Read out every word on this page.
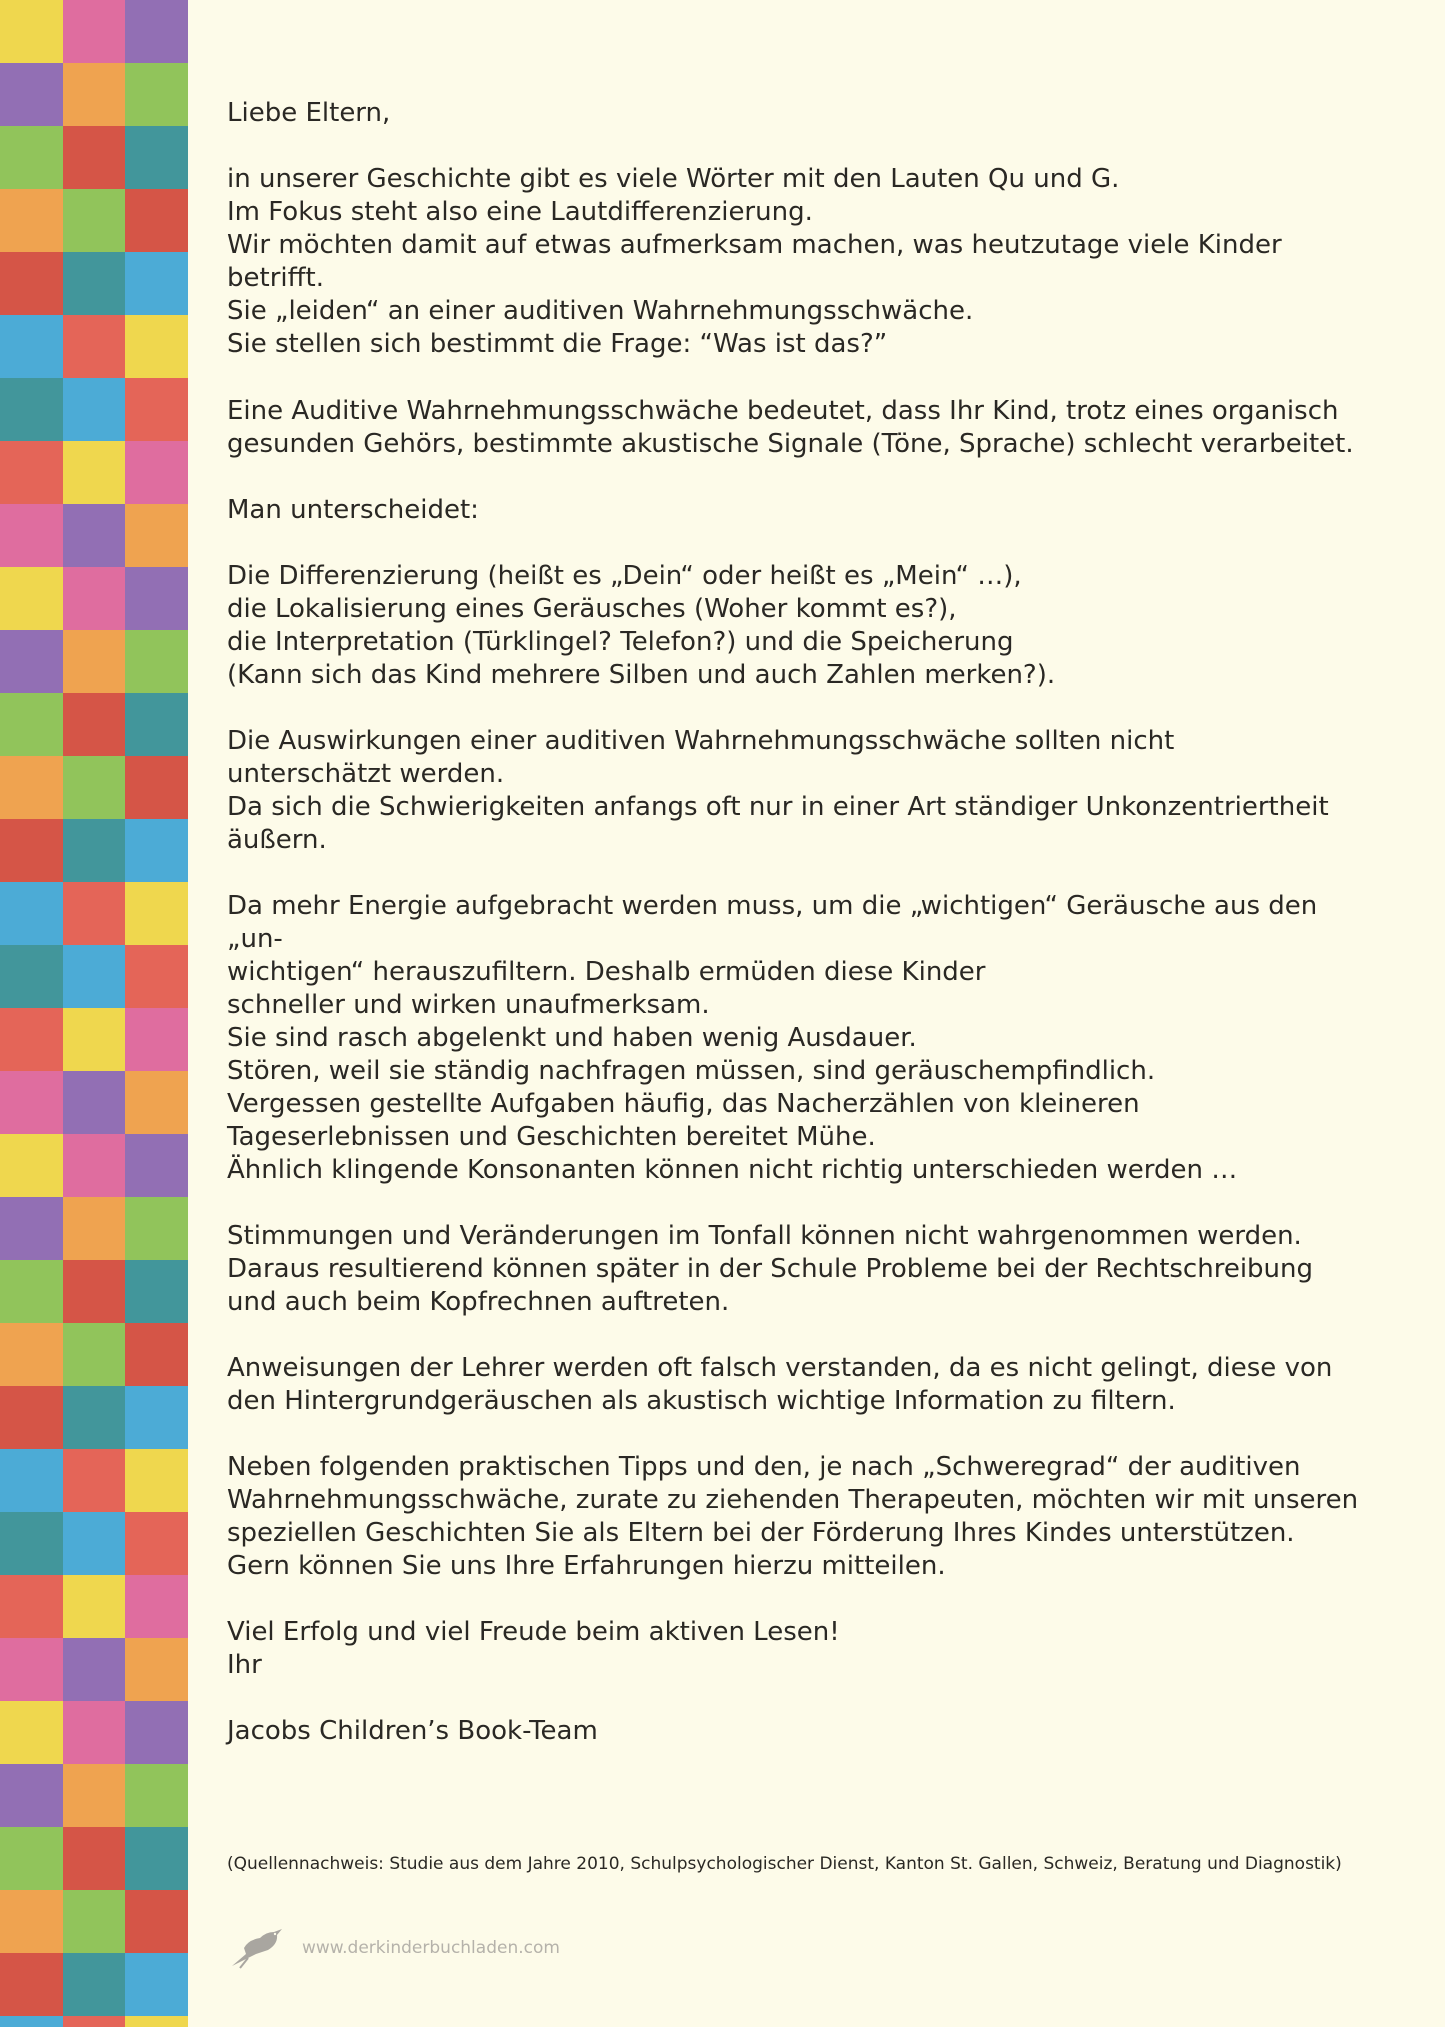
Liebe Eltern,

in unserer Geschichte gibt es viele Wörter mit den Lauten Qu und G.
Im Fokus steht also eine Lautdifferenzierung.
Wir möchten damit auf etwas aufmerksam machen, was heutzutage viele Kinder betrifft.

Sie „leiden“ an einer auditiven Wahrnehmungsschwäche.
Sie stellen sich bestimmt die Frage: “Was ist das?”

Eine Auditive Wahrnehmungsschwäche bedeutet, dass Ihr Kind, trotz eines organisch
gesunden Gehörs, bestimmte akustische Signale (Töne, Sprache) schlecht verarbeitet.

Man unterscheidet:

Die Differenzierung (heißt es „Dein“ oder heißt es „Mein“ …),
die Lokalisierung eines Geräusches (Woher kommt es?),
die Interpretation (Türklingel? Telefon?) und die Speicherung
(Kann sich das Kind mehrere Silben und auch Zahlen merken?).

Die Auswirkungen einer auditiven Wahrnehmungsschwäche sollten nicht
unterschätzt werden.
Da sich die Schwierigkeiten anfangs oft nur in einer Art ständiger Unkonzentriertheit
äußern.

Da mehr Energie aufgebracht werden muss, um die „wichtigen“ Geräusche aus den „un-
wichtigen“ herauszufiltern. Deshalb ermüden diese Kinder
schneller und wirken unaufmerksam.

Sie sind rasch abgelenkt und haben wenig Ausdauer.
Stören, weil sie ständig nachfragen müssen, sind geräuschempfindlich.
Vergessen gestellte Aufgaben häufig, das Nacherzählen von kleineren
Tageserlebnissen und Geschichten bereitet Mühe.
Ähnlich klingende Konsonanten können nicht richtig unterschieden werden …

Stimmungen und Veränderungen im Tonfall können nicht wahrgenommen werden.
Daraus resultierend können später in der Schule Probleme bei der Rechtschreibung
und auch beim Kopfrechnen auftreten.

Anweisungen der Lehrer werden oft falsch verstanden, da es nicht gelingt, diese von
den Hintergrundgeräuschen als akustisch wichtige Information zu filtern.

Neben folgenden praktischen Tipps und den, je nach „Schweregrad“ der auditiven
Wahrnehmungsschwäche, zurate zu ziehenden Therapeuten, möchten wir mit unseren
speziellen Geschichten Sie als Eltern bei der Förderung Ihres Kindes unterstützen.
Gern können Sie uns Ihre Erfahrungen hierzu mitteilen.

Viel Erfolg und viel Freude beim aktiven Lesen!
Ihr

Jacobs Children’s Book-Team

(Quellennachweis: Studie aus dem Jahre 2010, Schulpsychologischer Dienst, Kanton St. Gallen, Schweiz, Beratung und Diagnostik)
www.derkinderbuchladen.com
